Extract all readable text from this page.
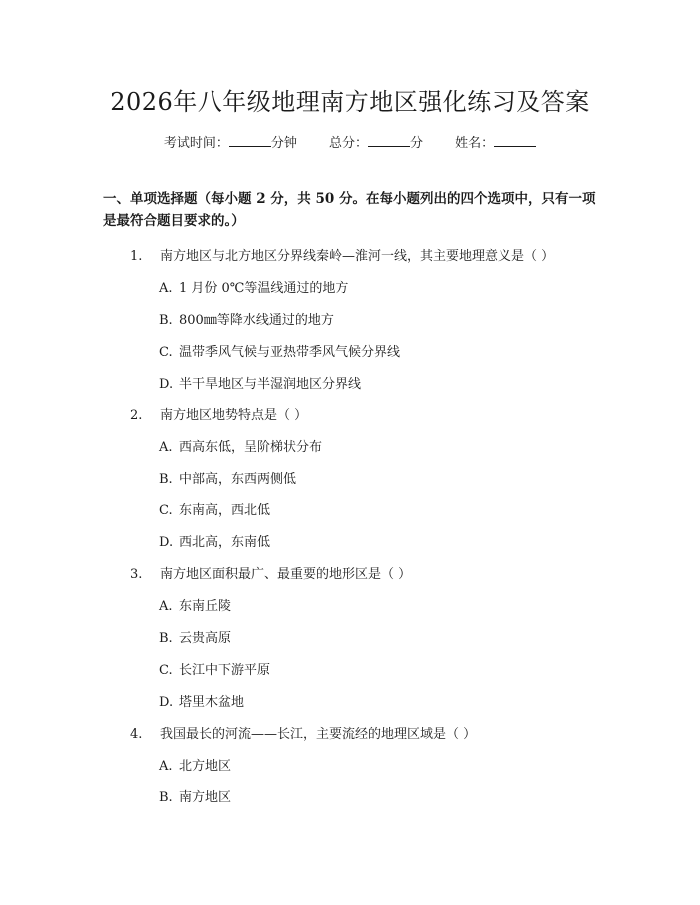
2026年八年级地理南方地区强化练习及答案
考试时间：	分钟 总分：	分 姓名：
一、单项选择题（每小题 2 分，共 50 分。在每小题列出的四个选项中，只有一项
是最符合题目要求的。）
1. 南方地区与北方地区分界线秦岭—淮河一线，其主要地理意义是（ ）
A. 1 月份 0℃等温线通过的地方
B. 800㎜等降水线通过的地方
C. 温带季风气候与亚热带季风气候分界线
D. 半干旱地区与半湿润地区分界线
2. 南方地区地势特点是（ ）
A. 西高东低，呈阶梯状分布
B. 中部高，东西两侧低
C. 东南高，西北低
D. 西北高，东南低
3. 南方地区面积最广、最重要的地形区是（ ）
A. 东南丘陵
B. 云贵高原
C. 长江中下游平原
D. 塔里木盆地
4. 我国最长的河流——长江，主要流经的地理区域是（ ）
A. 北方地区
B. 南方地区
